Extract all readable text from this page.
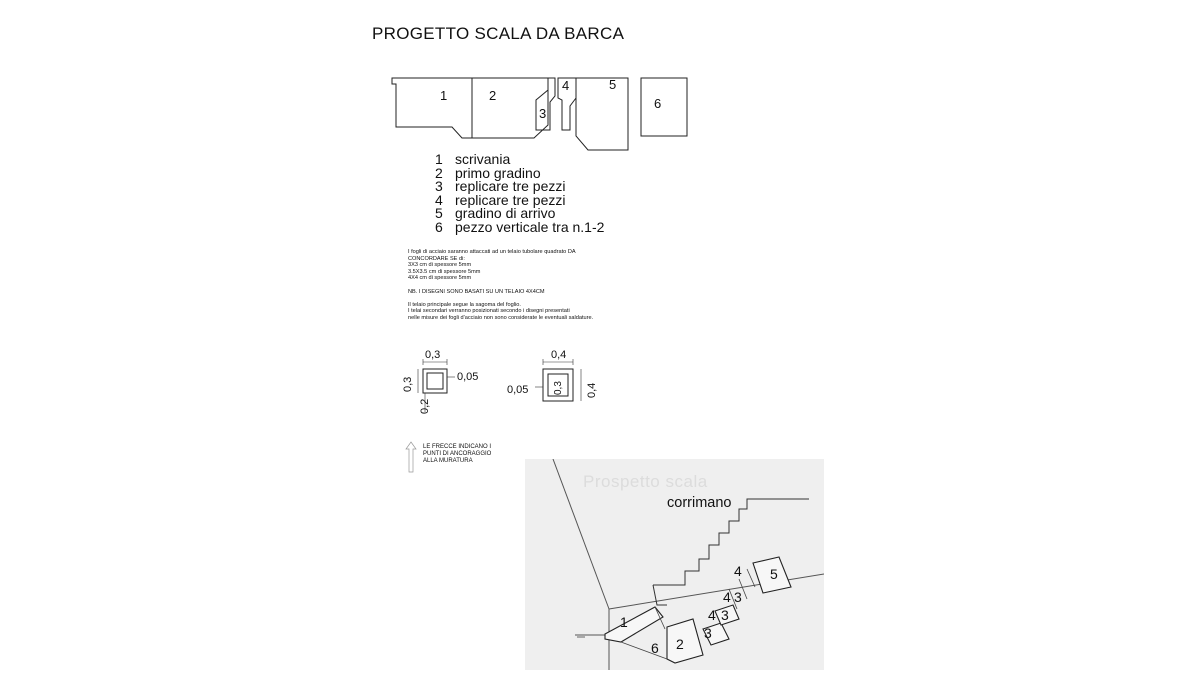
PROGETTO SCALA DA BARCA
1	2
3
4	5
6
1 scrivania
2 primo gradino
3 replicare tre pezzi
4 replicare tre pezzi
5 gradino di arrivo
6 pezzo verticale tra n.1-2
I fogli di acciaio saranno attaccati ad un telaio tubolare quadrato DA
CONCORDARE SE di:
3X3 cm di spessore 5mm
3.5X3.5 cm di spessore 5mm
4X4 cm di spessore 5mm
NB. I DISEGNI SONO BASATI SU UN TELAIO 4X4CM
Il telaio principale segue la sagoma del foglio.
I telai secondari verranno posizionati secondo i disegni presentati
nelle misure dei fogli d'acciaio non sono considerate le eventuali saldature.
0,3
0,05
0,3
0,2
0,4
0,3
0,05	0,4
LE FRECCE INDICANO I
PUNTI DI ANCORAGGIO
ALLA MURATURA
Prospetto scala
corrimano
1
6 2
3
4 3
4 3
4 5
